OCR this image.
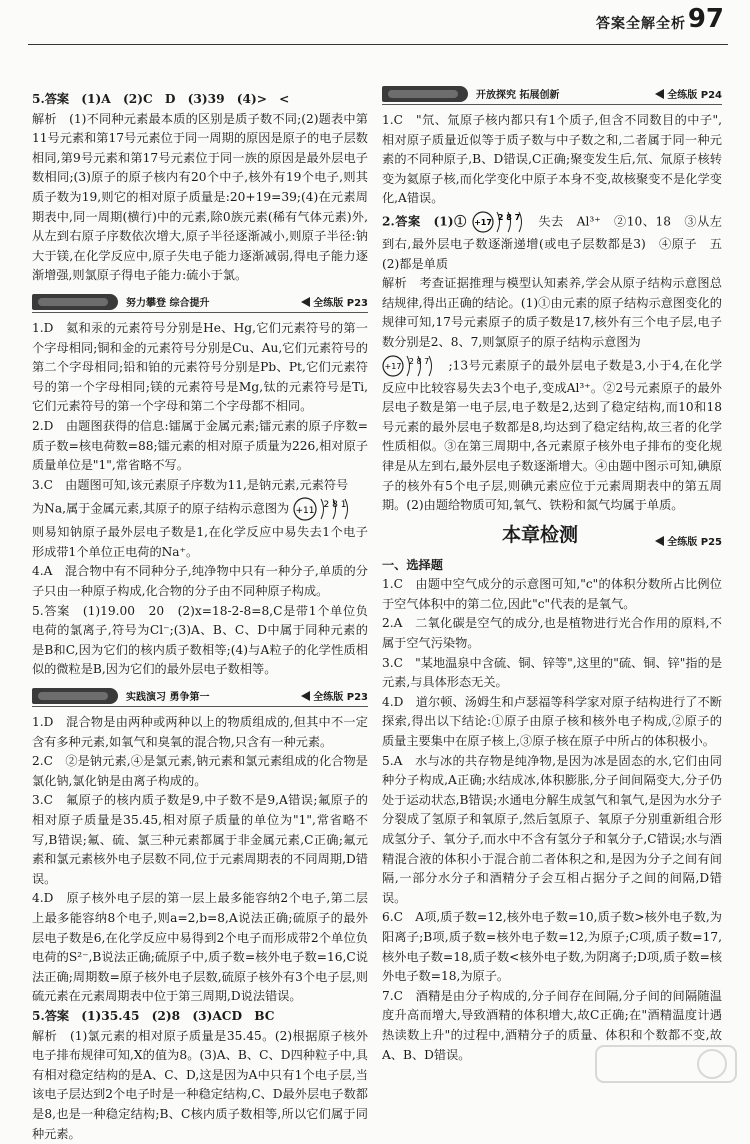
答案全解全析 97

5.答案　(1)A　(2)C　D　(3)39　(4)>　<

解析　(1)不同种元素最本质的区别是质子数不同;(2)题表中第11号元素和第17号元素位于同一周期的原因是原子的电子层数相同,第9号元素和第17号元素位于同一族的原因是最外层电子数相同;(3)原子的原子核内有20个中子,核外有19个电子,则其质子数为19,则它的相对原子质量是:20+19=39;(4)在元素周期表中,同一周期(横行)中的元素,除0族元素(稀有气体元素)外,从左到右原子序数依次增大,原子半径逐渐减小,则原子半径:钠大于镁,在化学反应中,原子失电子能力逐渐减弱,得电子能力逐渐增强,则氯原子得电子能力:硫小于氯。

努力攀登 综合提升	全练版 P23

1.D　氦和汞的元素符号分别是He、Hg,它们元素符号的第一个字母相同;铜和金的元素符号分别是Cu、Au,它们元素符号的第二个字母相同;铅和铂的元素符号分别是Pb、Pt,它们元素符号的第一个字母相同;镁的元素符号是Mg,钛的元素符号是Ti,它们元素符号的第一个字母和第二个字母都不相同。

2.D　由题图获得的信息:镭属于金属元素;镭元素的原子序数=质子数=核电荷数=88;镭元素的相对原子质量为226,相对原子质量单位是"1",常省略不写。

3.C　由题图可知,该元素原子序数为11,是钠元素,元素符号

为Na,属于金属元素,其原子的原子结构示意图为 +11
2 8 1

则易知钠原子最外层电子数是1,在化学反应中易失去1个电子形成带1个单位正电荷的Na⁺。

4.A　混合物中有不同种分子,纯净物中只有一种分子,单质的分子只由一种原子构成,化合物的分子由不同种原子构成。

5.答案　(1)19.00　20　(2)x=18-2-8=8,C是带1个单位负电荷的氯离子,符号为Cl⁻;(3)A、B、C、D中属于同种元素的是B和C,因为它们的核内质子数相等;(4)与A粒子的化学性质相似的微粒是B,因为它们的最外层电子数相等。

实践演习 勇争第一	全练版 P23

1.D　混合物是由两种或两种以上的物质组成的,但其中不一定含有多种元素,如氧气和臭氧的混合物,只含有一种元素。

2.C　②是钠元素,④是氯元素,钠元素和氯元素组成的化合物是氯化钠,氯化钠是由离子构成的。

3.C　氟原子的核内质子数是9,中子数不是9,A错误;氟原子的相对原子质量是35.45,相对原子质量的单位为"1",常省略不写,B错误;氟、硫、氯三种元素都属于非金属元素,C正确;氟元素和氯元素核外电子层数不同,位于元素周期表的不同周期,D错误。

4.D　原子核外电子层的第一层上最多能容纳2个电子,第二层上最多能容纳8个电子,则a=2,b=8,A说法正确;硫原子的最外层电子数是6,在化学反应中易得到2个电子而形成带2个单位负电荷的S²⁻,B说法正确;硫原子中,质子数=核外电子数=16,C说法正确;周期数=原子核外电子层数,硫原子核外有3个电子层,则硫元素在元素周期表中位于第三周期,D说法错误。

5.答案　(1)35.45　(2)8　(3)ACD　BC

解析　(1)氯元素的相对原子质量是35.45。(2)根据原子核外电子排布规律可知,X的值为8。(3)A、B、C、D四种粒子中,具有相对稳定结构的是A、C、D,这是因为A中只有1个电子层,当该电子层达到2个电子时是一种稳定结构,C、D最外层电子数都是8,也是一种稳定结构;B、C核内质子数相等,所以它们属于同种元素。

开放探究 拓展创新	全练版 P24

1.C　"氘、氚原子核内都只有1个质子,但含不同数目的中子",相对原子质量近似等于质子数与中子数之和,二者属于同一种元素的不同种原子,B、D错误,C正确;聚变发生后,氘、氚原子核转变为氦原子核,而化学变化中原子本身不变,故核聚变不是化学变化,A错误。

2.答案　(1)① +17
2 8 7 失去　Al³⁺　②10、18　③从左到右,最外层电子数逐渐递增(或电子层数都是3)　④原子　五　(2)都是单质

解析　考查证据推理与模型认知素养,学会从原子结构示意图总结规律,得出正确的结论。(1)①由元素的原子结构示意图变化的规律可知,17号元素原子的质子数是17,核外有三个电子层,电子数分别是2、8、7,则氯原子的原子结构示意图为

+17
2 8 7 ;13号元素原子的最外层电子数是3,小于4,在化学反应中比较容易失去3个电子,变成Al³⁺。②2号元素原子的最外层电子数是第一电子层,电子数是2,达到了稳定结构,而10和18号元素的最外层电子数都是8,均达到了稳定结构,故三者的化学性质相似。③在第三周期中,各元素原子核外电子排布的变化规律是从左到右,最外层电子数逐渐增大。④由题中图示可知,碘原子的核外有5个电子层,则碘元素应位于元素周期表中的第五周期。(2)由题给物质可知,氧气、铁粉和氮气均属于单质。

本章检测	全练版 P25

一、选择题

1.C　由题中空气成分的示意图可知,"c"的体积分数所占比例位于空气体积中的第二位,因此"c"代表的是氧气。

2.A　二氧化碳是空气的成分,也是植物进行光合作用的原料,不属于空气污染物。

3.C　"某地温泉中含硫、铜、锌等",这里的"硫、铜、锌"指的是元素,与具体形态无关。

4.D　道尔顿、汤姆生和卢瑟福等科学家对原子结构进行了不断探索,得出以下结论:①原子由原子核和核外电子构成,②原子的质量主要集中在原子核上,③原子核在原子中所占的体积极小。

5.A　水与冰的共存物是纯净物,是因为冰是固态的水,它们由同种分子构成,A正确;水结成冰,体积膨胀,分子间间隔变大,分子仍处于运动状态,B错误;水通电分解生成氢气和氧气,是因为水分子分裂成了氢原子和氧原子,然后氢原子、氧原子分别重新组合形成氢分子、氧分子,而水中不含有氢分子和氧分子,C错误;水与酒精混合液的体积小于混合前二者体积之和,是因为分子之间有间隔,一部分水分子和酒精分子会互相占据分子之间的间隔,D错误。

6.C　A项,质子数=12,核外电子数=10,质子数>核外电子数,为阳离子;B项,质子数=核外电子数=12,为原子;C项,质子数=17,核外电子数=18,质子数<核外电子数,为阴离子;D项,质子数=核外电子数=18,为原子。

7.C　酒精是由分子构成的,分子间存在间隔,分子间的间隔随温度升高而增大,导致酒精的体积增大,故C正确;在"酒精温度计遇热读数上升"的过程中,酒精分子的质量、体积和个数都不变,故A、B、D错误。
